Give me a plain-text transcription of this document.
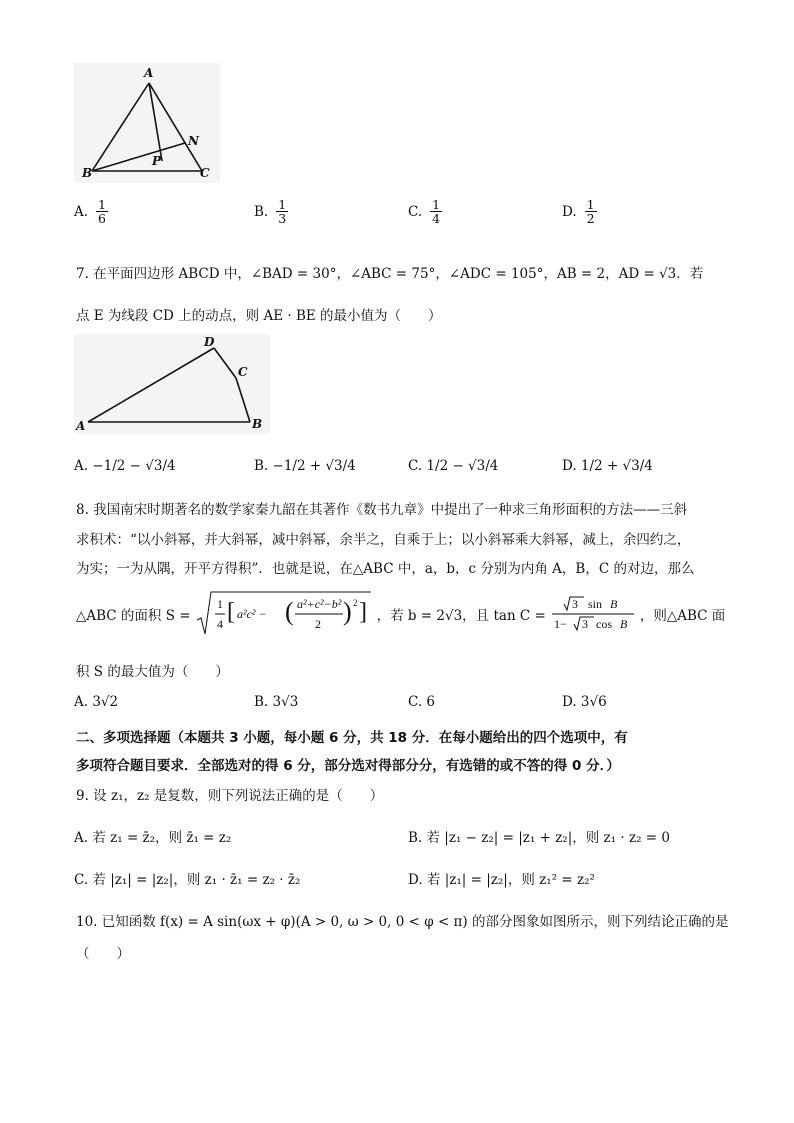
A
B	C
N
P
A. $\frac{1}{6}$	B. $\frac{1}{3}$	C. $\frac{1}{4}$	D. $\frac{1}{2}$
7. 在平面四边形 ABCD 中，∠BAD = 30°，∠ABC = 75°，∠ADC = 105°，AB = 2，AD = √3．若
点 E 为线段 CD 上的动点，则 AE · BE 的最小值为（　　）
A	B
C
D
A. −1/2 − √3/4	B. −1/2 + √3/4	C. 1/2 − √3/4	D. 1/2 + √3/4
8. 我国南宋时期著名的数学家秦九韶在其著作《数书九章》中提出了一种求三角形面积的方法——三斜
求积术：“以小斜幂，并大斜幂，减中斜幂，余半之，自乘于上；以小斜幂乘大斜幂，减上，余四约之，
为实；一为从隅，开平方得积”．也就是说，在△ABC 中，a，b，c 分别为内角 A，B，C 的对边，那么
△ABC 的面积 S =
1
4 [ a²c² − ( a²+c²−b²
2 ) 2 ] ，若 b = 2√3，且 tan C =
3 sin B
1− 3 cos B ，则△ABC 面
积 S 的最大值为（　　）
A. 3√2	B. 3√3	C. 6	D. 3√6
二、多项选择题（本题共 3 小题，每小题 6 分，共 18 分．在每小题给出的四个选项中，有
多项符合题目要求．全部选对的得 6 分，部分选对得部分分，有选错的或不答的得 0 分．）
9. 设 z₁，z₂ 是复数，则下列说法正确的是（　　）
A. 若 z₁ = z̄₂，则 z̄₁ = z₂	B. 若 |z₁ − z₂| = |z₁ + z₂|，则 z₁ · z₂ = 0
C. 若 |z₁| = |z₂|，则 z₁ · z̄₁ = z₂ · z̄₂	D. 若 |z₁| = |z₂|，则 z₁² = z₂²
10. 已知函数 f(x) = A sin(ωx + φ)(A > 0, ω > 0, 0 < φ < π) 的部分图象如图所示，则下列结论正确的是
（　　）
